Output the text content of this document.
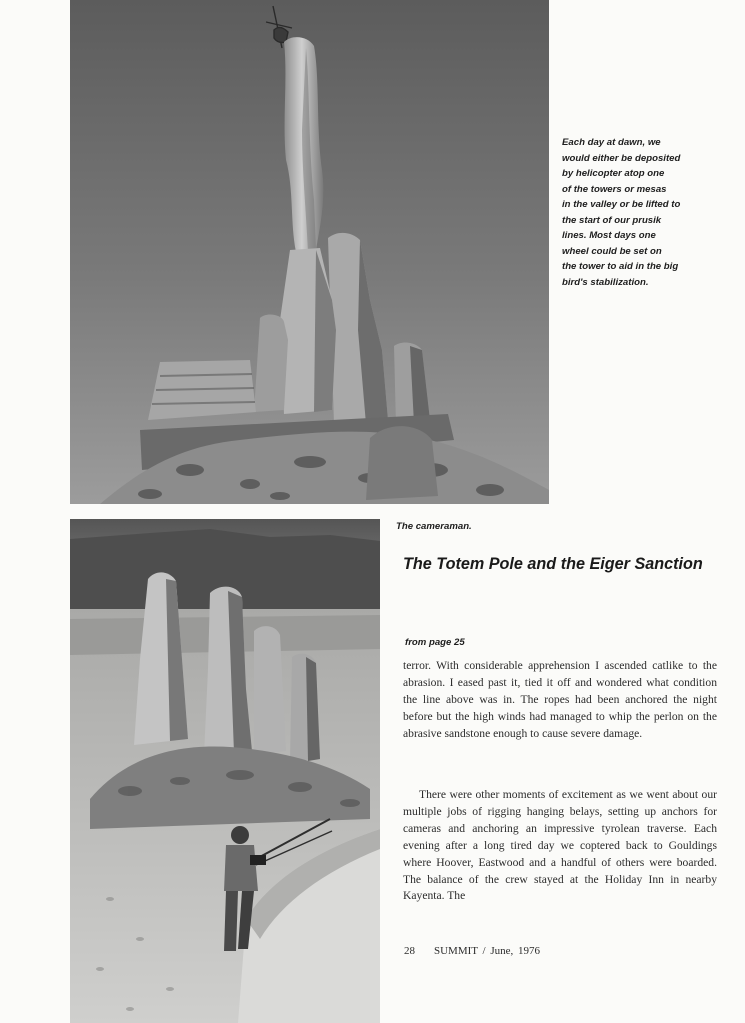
Each day at dawn, we
would either be deposited
by helicopter atop one
of the towers or mesas
in the valley or be lifted to
the start of our prusik
lines. Most days one
wheel could be set on
the tower to aid in the big
bird's stabilization.
The cameraman.
The Totem Pole and the Eiger Sanction
from page 25

terror. With considerable apprehension I ascended catlike to the abrasion. I eased past it, tied it off and wondered what condition the line above was in. The ropes had been anchored the night before but the high winds had managed to whip the perlon on the abrasive sandstone enough to cause severe damage.

There were other moments of excitement as we went about our multiple jobs of rigging hanging belays, setting up anchors for cameras and anchoring an impressive tyrolean traverse. Each evening after a long tired day we coptered back to Gouldings where Hoover, Eastwood and a handful of others were boarded. The balance of the crew stayed at the Holiday Inn in nearby Kayenta. The

28 SUMMIT / June, 1976
